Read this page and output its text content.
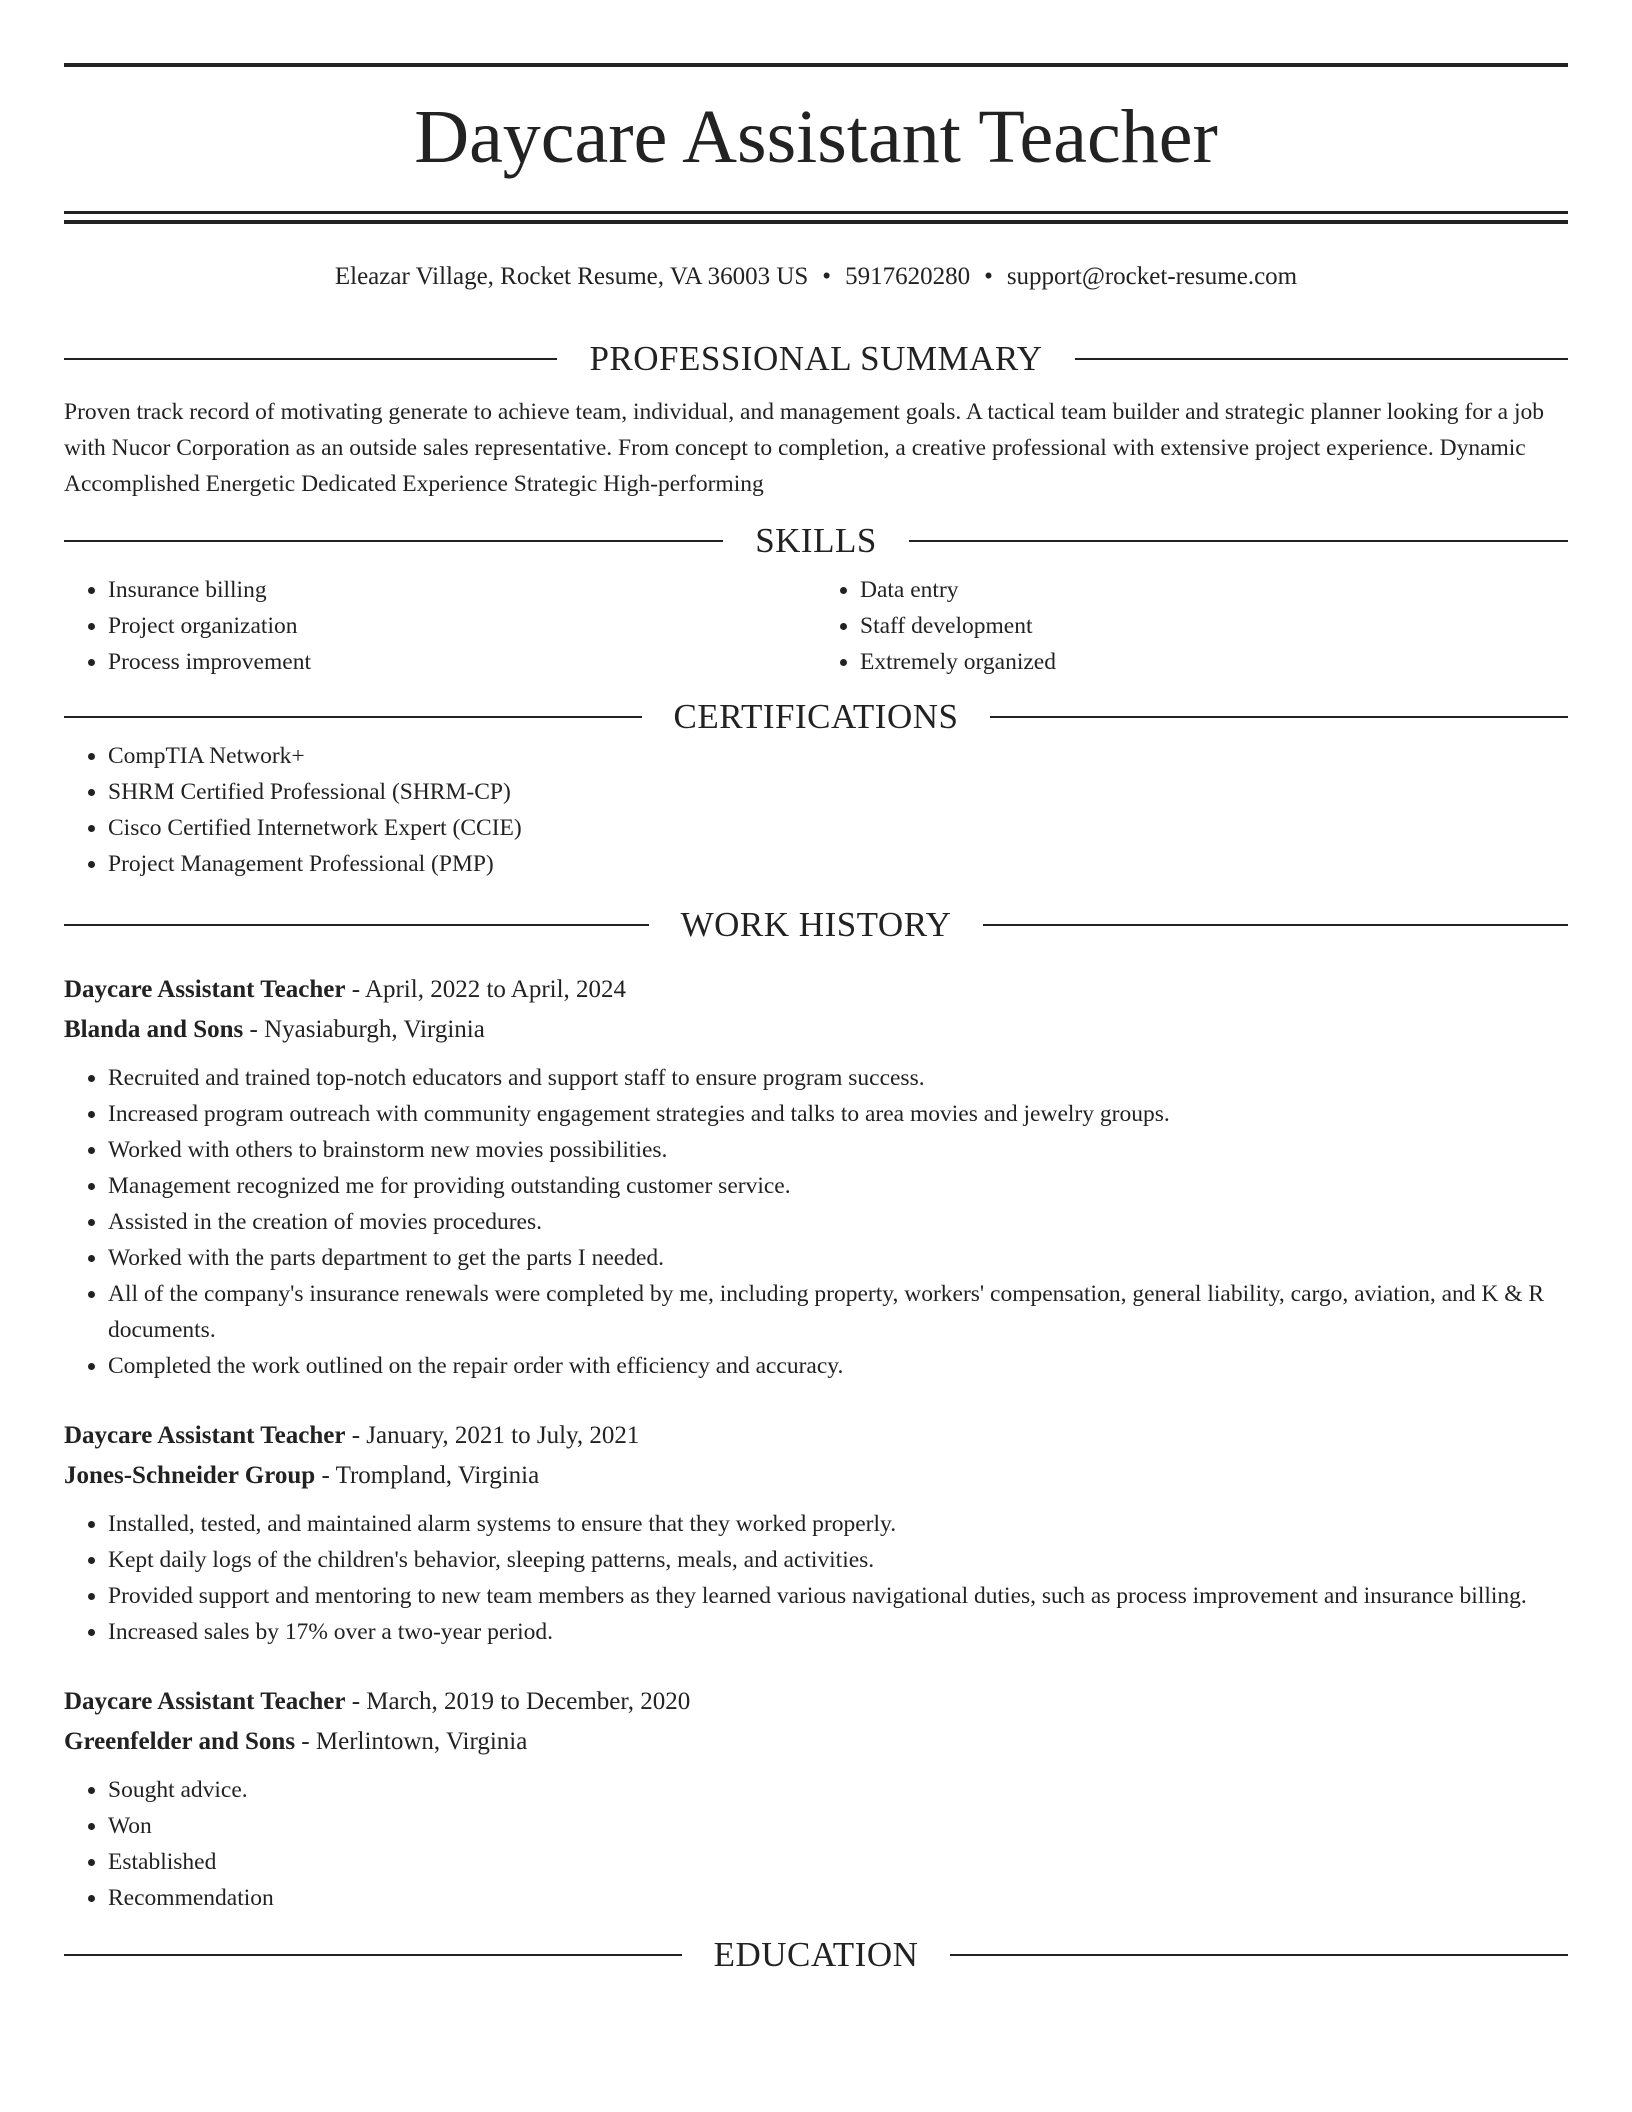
Daycare Assistant Teacher
Eleazar Village, Rocket Resume, VA 36003 US • 5917620280 • support@rocket-resume.com
PROFESSIONAL SUMMARY

Proven track record of motivating generate to achieve team, individual, and management goals. A tactical team builder and strategic planner looking for a job with Nucor Corporation as an outside sales representative. From concept to completion, a creative professional with extensive project experience. Dynamic Accomplished Energetic Dedicated Experience Strategic High-performing

SKILLS
• Insurance billing
• Project organization
• Process improvement
• Data entry
• Staff development
• Extremely organized
CERTIFICATIONS
• CompTIA Network+
• SHRM Certified Professional (SHRM-CP)
• Cisco Certified Internetwork Expert (CCIE)
• Project Management Professional (PMP)
WORK HISTORY
Daycare Assistant Teacher - April, 2022 to April, 2024
Blanda and Sons - Nyasiaburgh, Virginia
• Recruited and trained top-notch educators and support staff to ensure program success.
• Increased program outreach with community engagement strategies and talks to area movies and jewelry groups.
• Worked with others to brainstorm new movies possibilities.
• Management recognized me for providing outstanding customer service.
• Assisted in the creation of movies procedures.
• Worked with the parts department to get the parts I needed.
• All of the company's insurance renewals were completed by me, including property, workers' compensation, general liability, cargo, aviation, and K & R documents.
• Completed the work outlined on the repair order with efficiency and accuracy.
Daycare Assistant Teacher - January, 2021 to July, 2021
Jones-Schneider Group - Trompland, Virginia
• Installed, tested, and maintained alarm systems to ensure that they worked properly.
• Kept daily logs of the children's behavior, sleeping patterns, meals, and activities.
• Provided support and mentoring to new team members as they learned various navigational duties, such as process improvement and insurance billing.
• Increased sales by 17% over a two-year period.
Daycare Assistant Teacher - March, 2019 to December, 2020
Greenfelder and Sons - Merlintown, Virginia
• Sought advice.
• Won
• Established
• Recommendation
EDUCATION
